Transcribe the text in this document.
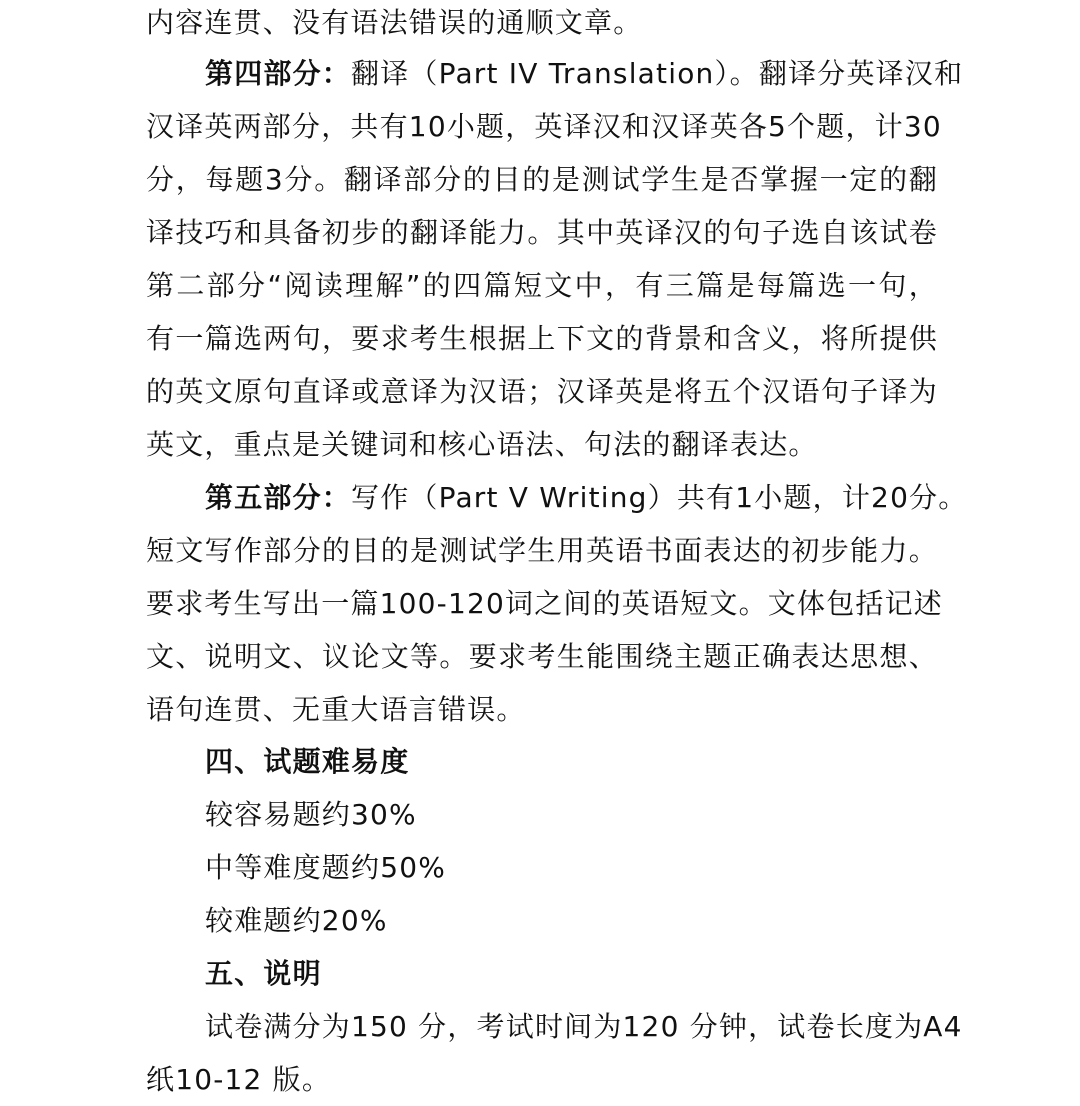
内容连贯、没有语法错误的通顺文章。
第四部分：翻译（Part IV Translation）。翻译分英译汉和
汉译英两部分，共有10小题，英译汉和汉译英各5个题，计30
分，每题3分。翻译部分的目的是测试学生是否掌握一定的翻
译技巧和具备初步的翻译能力。其中英译汉的句子选自该试卷
第二部分“阅读理解”的四篇短文中，有三篇是每篇选一句，
有一篇选两句，要求考生根据上下文的背景和含义，将所提供
的英文原句直译或意译为汉语；汉译英是将五个汉语句子译为
英文，重点是关键词和核心语法、句法的翻译表达。
第五部分：写作（Part V Writing）共有1小题，计20分。
短文写作部分的目的是测试学生用英语书面表达的初步能力。
要求考生写出一篇100-120词之间的英语短文。文体包括记述
文、说明文、议论文等。要求考生能围绕主题正确表达思想、
语句连贯、无重大语言错误。
四、试题难易度
较容易题约30%
中等难度题约50%
较难题约20%
五、说明
试卷满分为150 分，考试时间为120 分钟，试卷长度为A4
纸10-12 版。
